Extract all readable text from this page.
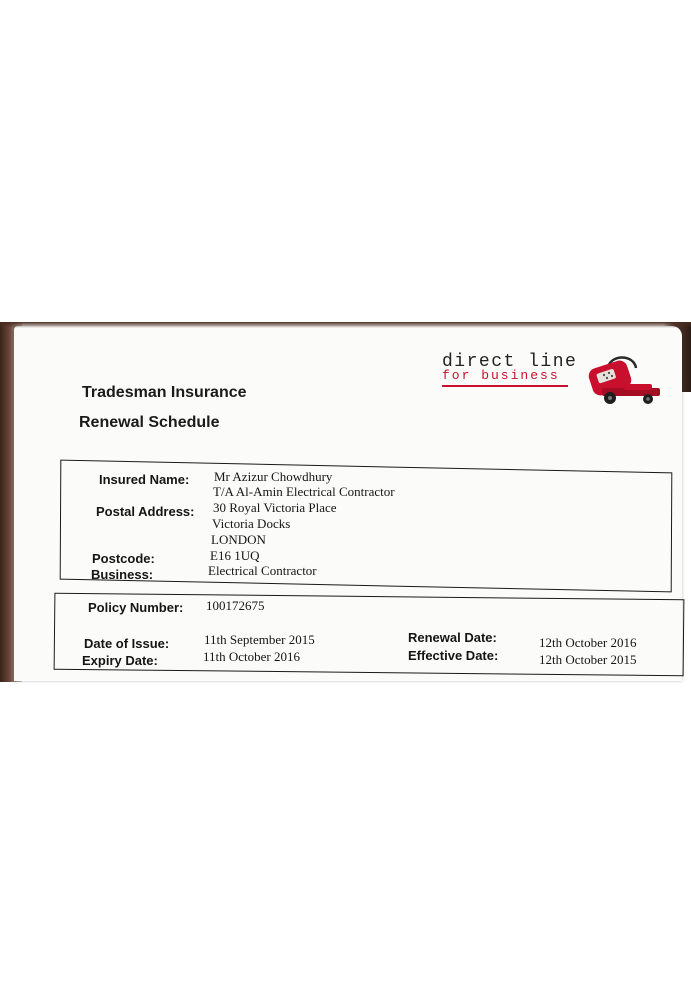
Tradesman Insurance
Renewal Schedule
direct line
for business
Insured Name: Mr Azizur Chowdhury
T/A Al-Amin Electrical Contractor
Postal Address: 30 Royal Victoria Place
Victoria Docks
LONDON
Postcode:	E16 1UQ
Business:	Electrical Contractor
Policy Number: 100172675
Date of Issue:	11th September 2015
Expiry Date:	11th October 2016
Renewal Date:	12th October 2016
Effective Date:	12th October 2015
